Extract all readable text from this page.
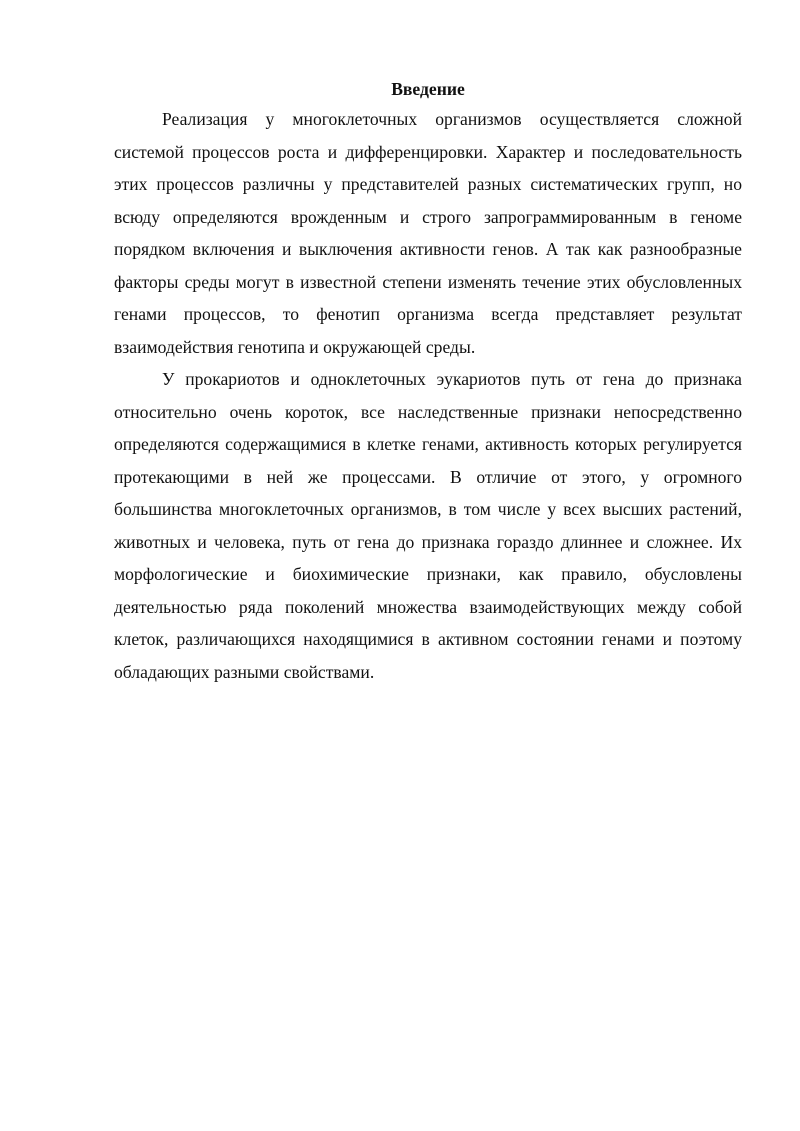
Введение

Реализация у многоклеточных организмов осуществляется сложной системой процессов роста и дифференцировки. Характер и последовательность этих процессов различны у представителей разных систематических групп, но всюду определяются врожденным и строго запрограммированным в геноме порядком включения и выключения активности генов. А так как разнообразные факторы среды могут в известной степени изменять течение этих обусловленных генами процессов, то фенотип организма всегда представляет результат взаимодействия генотипа и окружающей среды.

У прокариотов и одноклеточных эукариотов путь от гена до признака относительно очень короток, все наследственные признаки непосредственно определяются содержащимися в клетке генами, активность которых регулируется протекающими в ней же процессами. В отличие от этого, у огромного большинства многоклеточных организмов, в том числе у всех высших растений, животных и человека, путь от гена до признака гораздо длиннее и сложнее. Их морфологические и биохимические признаки, как правило, обусловлены деятельностью ряда поколений множества взаимодействующих между собой клеток, различающихся находящимися в активном состоянии генами и поэтому обладающих разными свойствами.
